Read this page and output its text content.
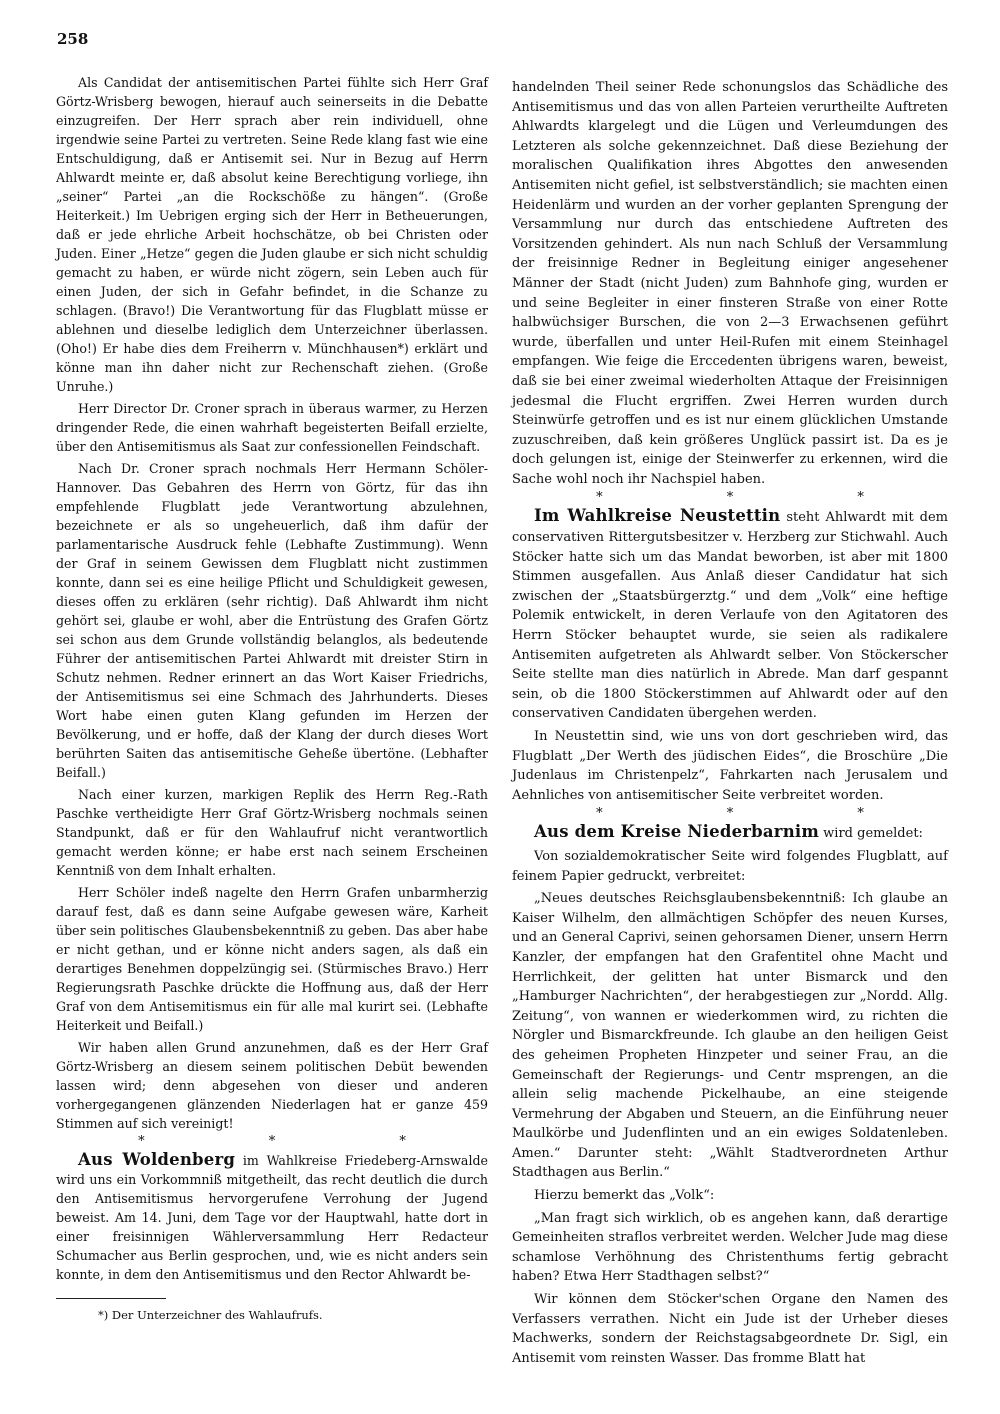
258

Als Candidat der antisemitischen Partei fühlte sich Herr Graf Görtz-Wrisberg bewogen, hierauf auch seinerseits in die Debatte einzugreifen. Der Herr sprach aber rein individuell, ohne irgendwie seine Partei zu vertreten. Seine Rede klang fast wie eine Entschuldigung, daß er Antisemit sei. Nur in Bezug auf Herrn Ahlwardt meinte er, daß absolut keine Berechtigung vorliege, ihn „seiner“ Partei „an die Rockschöße zu hängen“. (Große Heiterkeit.) Im Uebrigen erging sich der Herr in Betheuerungen, daß er jede ehrliche Arbeit hochschätze, ob bei Christen oder Juden. Einer „Hetze“ gegen die Juden glaube er sich nicht schuldig gemacht zu haben, er würde nicht zögern, sein Leben auch für einen Juden, der sich in Gefahr befindet, in die Schanze zu schlagen. (Bravo!) Die Verantwortung für das Flugblatt müsse er ablehnen und dieselbe lediglich dem Unterzeichner überlassen. (Oho!) Er habe dies dem Freiherrn v. Münchhausen*) erklärt und könne man ihn daher nicht zur Rechenschaft ziehen. (Große Unruhe.)

Herr Director Dr. Croner sprach in überaus warmer, zu Herzen dringender Rede, die einen wahrhaft begeisterten Beifall erzielte, über den Antisemitismus als Saat zur confessionellen Feindschaft.

Nach Dr. Croner sprach nochmals Herr Hermann Schöler-Hannover. Das Gebahren des Herrn von Görtz, für das ihn empfehlende Flugblatt jede Verantwortung abzulehnen, bezeichnete er als so ungeheuerlich, daß ihm dafür der parlamentarische Ausdruck fehle (Lebhafte Zustimmung). Wenn der Graf in seinem Gewissen dem Flugblatt nicht zustimmen konnte, dann sei es eine heilige Pflicht und Schuldigkeit gewesen, dieses offen zu erklären (sehr richtig). Daß Ahlwardt ihm nicht gehört sei, glaube er wohl, aber die Entrüstung des Grafen Görtz sei schon aus dem Grunde vollständig belanglos, als bedeutende Führer der antisemitischen Partei Ahlwardt mit dreister Stirn in Schutz nehmen. Redner erinnert an das Wort Kaiser Friedrichs, der Antisemitismus sei eine Schmach des Jahrhunderts. Dieses Wort habe einen guten Klang gefunden im Herzen der Bevölkerung, und er hoffe, daß der Klang der durch dieses Wort berührten Saiten das antisemitische Geheße übertöne. (Lebhafter Beifall.)

Nach einer kurzen, markigen Replik des Herrn Reg.-Rath Paschke vertheidigte Herr Graf Görtz-Wrisberg nochmals seinen Standpunkt, daß er für den Wahlaufruf nicht verantwortlich gemacht werden könne; er habe erst nach seinem Erscheinen Kenntniß von dem Inhalt erhalten.

Herr Schöler indeß nagelte den Herrn Grafen unbarmherzig darauf fest, daß es dann seine Aufgabe gewesen wäre, Karheit über sein politisches Glaubensbekenntniß zu geben. Das aber habe er nicht gethan, und er könne nicht anders sagen, als daß ein derartiges Benehmen doppelzüngig sei. (Stürmisches Bravo.) Herr Regierungsrath Paschke drückte die Hoffnung aus, daß der Herr Graf von dem Antisemitismus ein für alle mal kurirt sei. (Lebhafte Heiterkeit und Beifall.)

Wir haben allen Grund anzunehmen, daß es der Herr Graf Görtz-Wrisberg an diesem seinem politischen Debüt bewenden lassen wird; denn abgesehen von dieser und anderen vorhergegangenen glänzenden Niederlagen hat er ganze 459 Stimmen auf sich vereinigt!

* * *

Aus Woldenberg im Wahlkreise Friedeberg-Arnswalde wird uns ein Vorkommniß mitgetheilt, das recht deutlich die durch den Antisemitismus hervorgerufene Verrohung der Jugend beweist. Am 14. Juni, dem Tage vor der Hauptwahl, hatte dort in einer freisinnigen Wählerversammlung Herr Redacteur Schumacher aus Berlin gesprochen, und, wie es nicht anders sein konnte, in dem den Antisemitismus und den Rector Ahlwardt be-

*) Der Unterzeichner des Wahlaufrufs.

handelnden Theil seiner Rede schonungslos das Schädliche des Antisemitismus und das von allen Parteien verurtheilte Auftreten Ahlwardts klargelegt und die Lügen und Verleumdungen des Letzteren als solche gekennzeichnet. Daß diese Beziehung der moralischen Qualifikation ihres Abgottes den anwesenden Antisemiten nicht gefiel, ist selbstverständlich; sie machten einen Heidenlärm und wurden an der vorher geplanten Sprengung der Versammlung nur durch das entschiedene Auftreten des Vorsitzenden gehindert. Als nun nach Schluß der Versammlung der freisinnige Redner in Begleitung einiger angesehener Männer der Stadt (nicht Juden) zum Bahnhofe ging, wurden er und seine Begleiter in einer finsteren Straße von einer Rotte halbwüchsiger Burschen, die von 2—3 Erwachsenen geführt wurde, überfallen und unter Heil-Rufen mit einem Steinhagel empfangen. Wie feige die Erccedenten übrigens waren, beweist, daß sie bei einer zweimal wiederholten Attaque der Freisinnigen jedesmal die Flucht ergriffen. Zwei Herren wurden durch Steinwürfe getroffen und es ist nur einem glücklichen Umstande zuzuschreiben, daß kein größeres Unglück passirt ist. Da es je doch gelungen ist, einige der Steinwerfer zu erkennen, wird die Sache wohl noch ihr Nachspiel haben.

* * *

Im Wahlkreise Neustettin steht Ahlwardt mit dem conservativen Rittergutsbesitzer v. Herzberg zur Stichwahl. Auch Stöcker hatte sich um das Mandat beworben, ist aber mit 1800 Stimmen ausgefallen. Aus Anlaß dieser Candidatur hat sich zwischen der „Staatsbürgerztg.“ und dem „Volk“ eine heftige Polemik entwickelt, in deren Verlaufe von den Agitatoren des Herrn Stöcker behauptet wurde, sie seien als radikalere Antisemiten aufgetreten als Ahlwardt selber. Von Stöckerscher Seite stellte man dies natürlich in Abrede. Man darf gespannt sein, ob die 1800 Stöckerstimmen auf Ahlwardt oder auf den conservativen Candidaten übergehen werden.

In Neustettin sind, wie uns von dort geschrieben wird, das Flugblatt „Der Werth des jüdischen Eides“, die Broschüre „Die Judenlaus im Christenpelz“, Fahrkarten nach Jerusalem und Aehnliches von antisemitischer Seite verbreitet worden.

* * *

Aus dem Kreise Niederbarnim wird gemeldet:

Von sozialdemokratischer Seite wird folgendes Flugblatt, auf feinem Papier gedruckt, verbreitet:

„Neues deutsches Reichsglaubensbekenntniß: Ich glaube an Kaiser Wilhelm, den allmächtigen Schöpfer des neuen Kurses, und an General Caprivi, seinen gehorsamen Diener, unsern Herrn Kanzler, der empfangen hat den Grafentitel ohne Macht und Herrlichkeit, der gelitten hat unter Bismarck und den „Hamburger Nachrichten“, der herabgestiegen zur „Nordd. Allg. Zeitung“, von wannen er wiederkommen wird, zu richten die Nörgler und Bismarckfreunde. Ich glaube an den heiligen Geist des geheimen Propheten Hinzpeter und seiner Frau, an die Gemeinschaft der Regierungs- und Centr msprengen, an die allein selig machende Pickelhaube, an eine steigende Vermehrung der Abgaben und Steuern, an die Einführung neuer Maulkörbe und Judenflinten und an ein ewiges Soldatenleben. Amen.“ Darunter steht: „Wählt Stadtverordneten Arthur Stadthagen aus Berlin.“

Hierzu bemerkt das „Volk“:

„Man fragt sich wirklich, ob es angehen kann, daß derartige Gemeinheiten straflos verbreitet werden. Welcher Jude mag diese schamlose Verhöhnung des Christenthums fertig gebracht haben? Etwa Herr Stadthagen selbst?“

Wir können dem Stöcker'schen Organe den Namen des Verfassers verrathen. Nicht ein Jude ist der Urheber dieses Machwerks, sondern der Reichstagsabgeordnete Dr. Sigl, ein Antisemit vom reinsten Wasser. Das fromme Blatt hat
